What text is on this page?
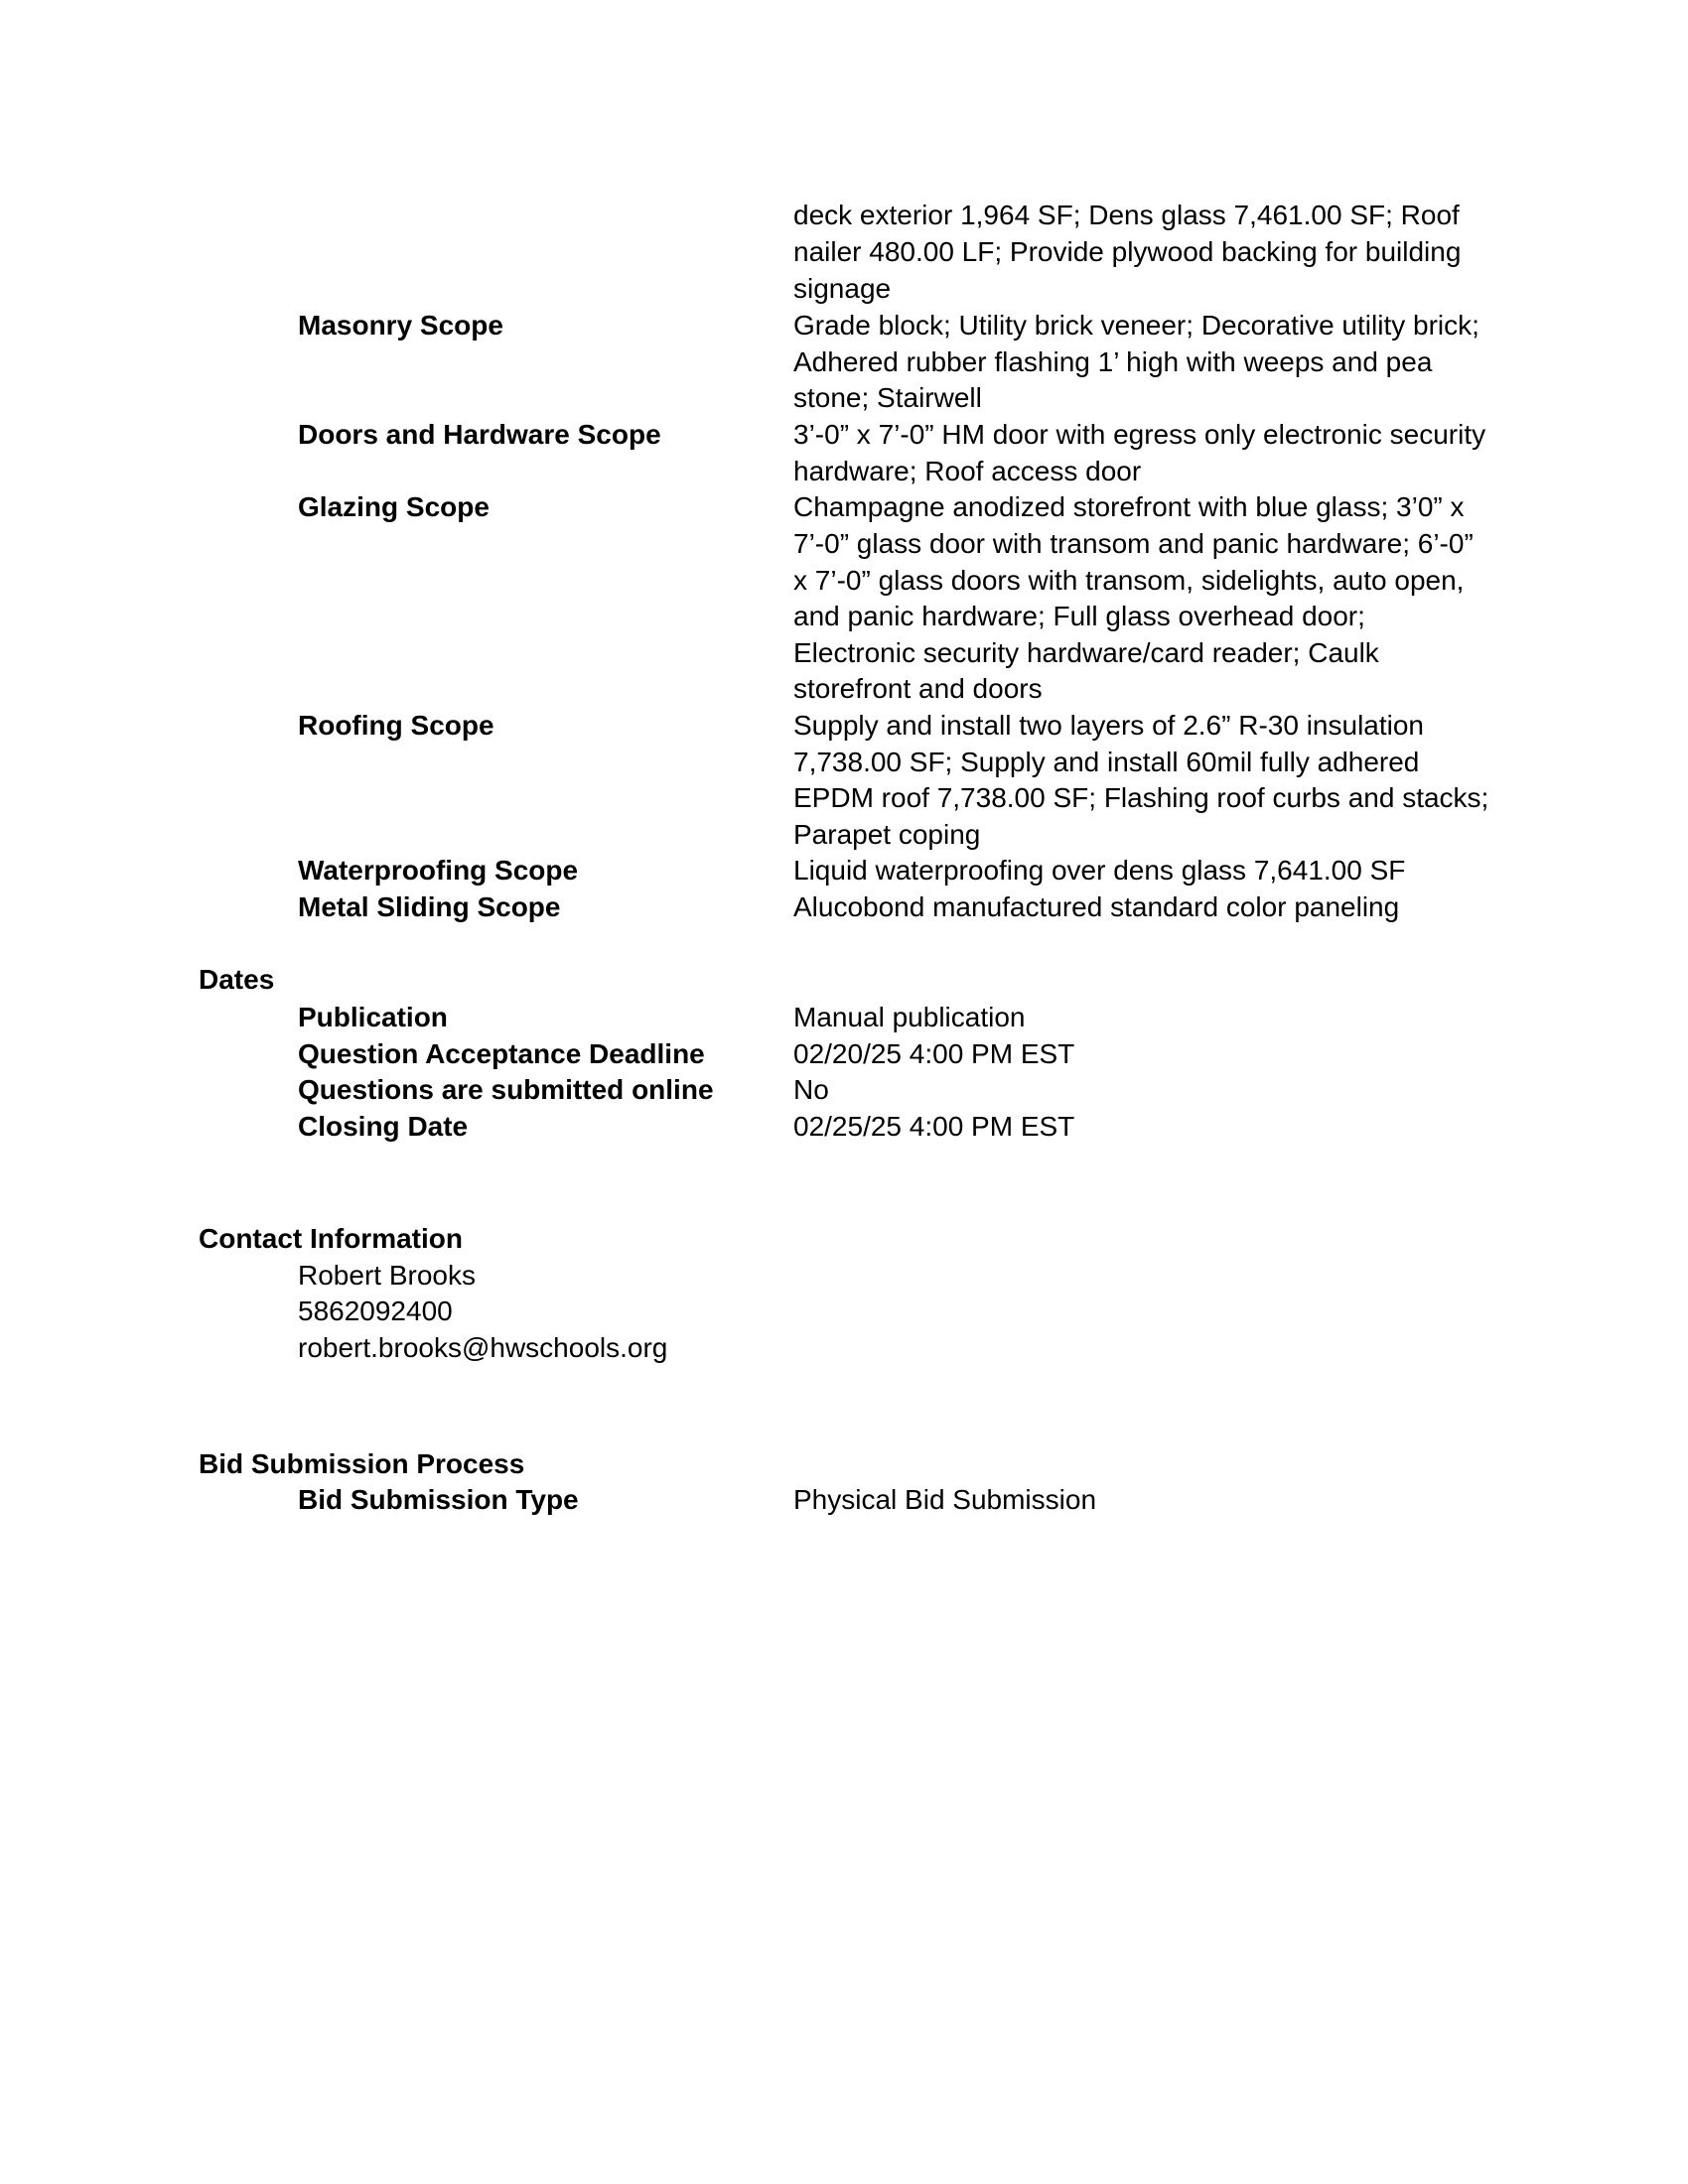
deck exterior 1,964 SF; Dens glass 7,461.00 SF; Roof
nailer 480.00 LF; Provide plywood backing for building
signage
Masonry Scope	Grade block; Utility brick veneer; Decorative utility brick;
Adhered rubber flashing 1’ high with weeps and pea
stone; Stairwell
Doors and Hardware Scope	3’-0” x 7’-0” HM door with egress only electronic security
hardware; Roof access door
Glazing Scope	Champagne anodized storefront with blue glass; 3’0” x
7’-0” glass door with transom and panic hardware; 6’-0”
x 7’-0” glass doors with transom, sidelights, auto open,
and panic hardware; Full glass overhead door;
Electronic security hardware/card reader; Caulk
storefront and doors
Roofing Scope	Supply and install two layers of 2.6” R-30 insulation
7,738.00 SF; Supply and install 60mil fully adhered
EPDM roof 7,738.00 SF; Flashing roof curbs and stacks;
Parapet coping
Waterproofing Scope	Liquid waterproofing over dens glass 7,641.00 SF
Metal Sliding Scope	Alucobond manufactured standard color paneling
Dates
Publication	Manual publication
Question Acceptance Deadline	02/20/25 4:00 PM EST
Questions are submitted online	No
Closing Date	02/25/25 4:00 PM EST
Contact Information
Robert Brooks
5862092400
robert.brooks@hwschools.org
Bid Submission Process
Bid Submission Type	Physical Bid Submission
